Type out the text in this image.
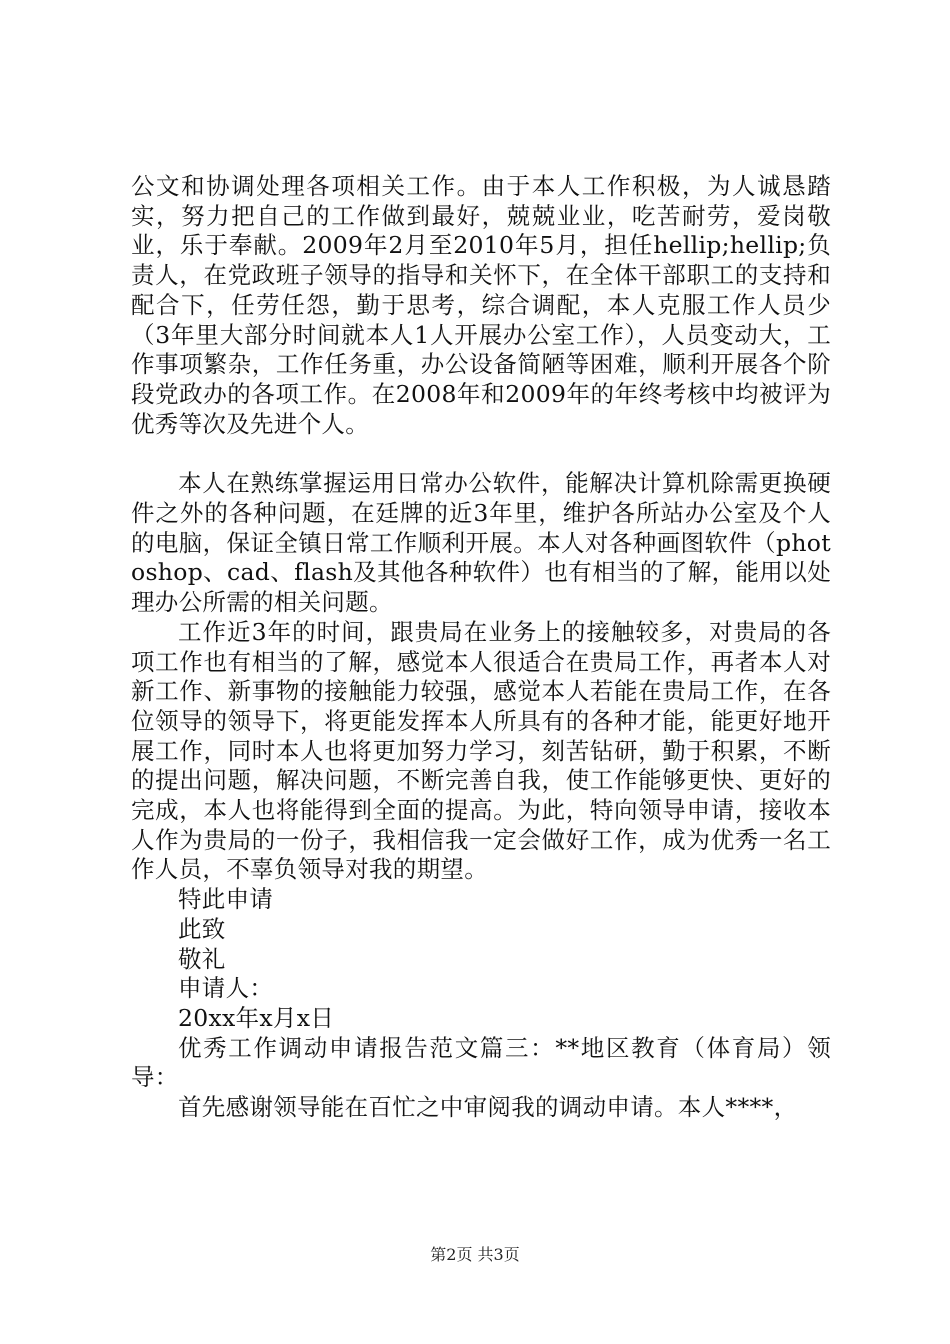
公文和协调处理各项相关工作。由于本人工作积极，为人诚恳踏实，努力把自己的工作做到最好，兢兢业业，吃苦耐劳，爱岗敬业，乐于奉献。2009年2月至2010年5月，担任hellip;hellip;负责人，在党政班子领导的指导和关怀下，在全体干部职工的支持和配合下，任劳任怨，勤于思考，综合调配，本人克服工作人员少（3年里大部分时间就本人1人开展办公室工作），人员变动大，工作事项繁杂，工作任务重，办公设备简陋等困难，顺利开展各个阶段党政办的各项工作。在2008年和2009年的年终考核中均被评为优秀等次及先进个人。

本人在熟练掌握运用日常办公软件，能解决计算机除需更换硬件之外的各种问题，在廷牌的近3年里，维护各所站办公室及个人的电脑，保证全镇日常工作顺利开展。本人对各种画图软件（photoshop、cad、flash及其他各种软件）也有相当的了解，能用以处理办公所需的相关问题。

工作近3年的时间，跟贵局在业务上的接触较多，对贵局的各项工作也有相当的了解，感觉本人很适合在贵局工作，再者本人对新工作、新事物的接触能力较强，感觉本人若能在贵局工作，在各位领导的领导下，将更能发挥本人所具有的各种才能，能更好地开展工作，同时本人也将更加努力学习，刻苦钻研，勤于积累，不断的提出问题，解决问题，不断完善自我，使工作能够更快、更好的完成，本人也将能得到全面的提高。为此，特向领导申请，接收本人作为贵局的一份子，我相信我一定会做好工作，成为优秀一名工作人员，不辜负领导对我的期望。

特此申请

此致

敬礼

申请人：

20xx年x月x日

优秀工作调动申请报告范文篇三：**地区教育（体育局）领导：

首先感谢领导能在百忙之中审阅我的调动申请。本人****，

第2页 共3页
